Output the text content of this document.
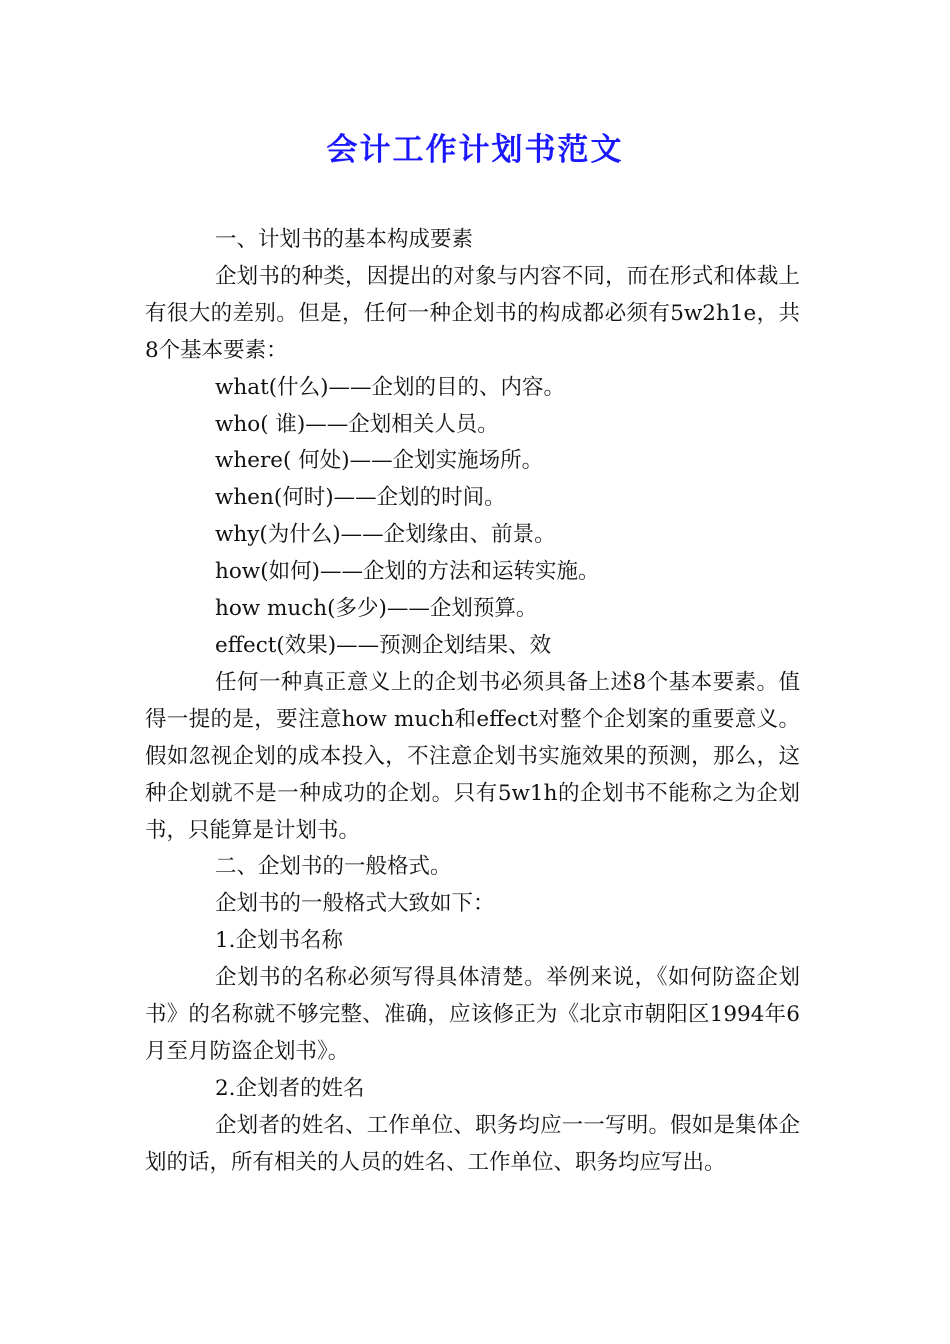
会计工作计划书范文

一、计划书的基本构成要素

企划书的种类，因提出的对象与内容不同，而在形式和体裁上有很大的差别。但是，任何一种企划书的构成都必须有5w2h1e，共8个基本要素：

what(什么)——企划的目的、内容。

who( 谁)——企划相关人员。

where( 何处)——企划实施场所。

when(何时)——企划的时间。

why(为什么)——企划缘由、前景。

how(如何)——企划的方法和运转实施。

how much(多少)——企划预算。

effect(效果)——预测企划结果、效

任何一种真正意义上的企划书必须具备上述8个基本要素。值得一提的是，要注意how much和effect对整个企划案的重要意义。假如忽视企划的成本投入，不注意企划书实施效果的预测，那么，这种企划就不是一种成功的企划。只有5w1h的企划书不能称之为企划书，只能算是计划书。

二、企划书的一般格式。

企划书的一般格式大致如下：

1.企划书名称

企划书的名称必须写得具体清楚。举例来说，《如何防盗企划书》的名称就不够完整、准确，应该修正为《北京市朝阳区1994年6月至月防盗企划书》。

2.企划者的姓名

企划者的姓名、工作单位、职务均应一一写明。假如是集体企划的话，所有相关的人员的姓名、工作单位、职务均应写出。
